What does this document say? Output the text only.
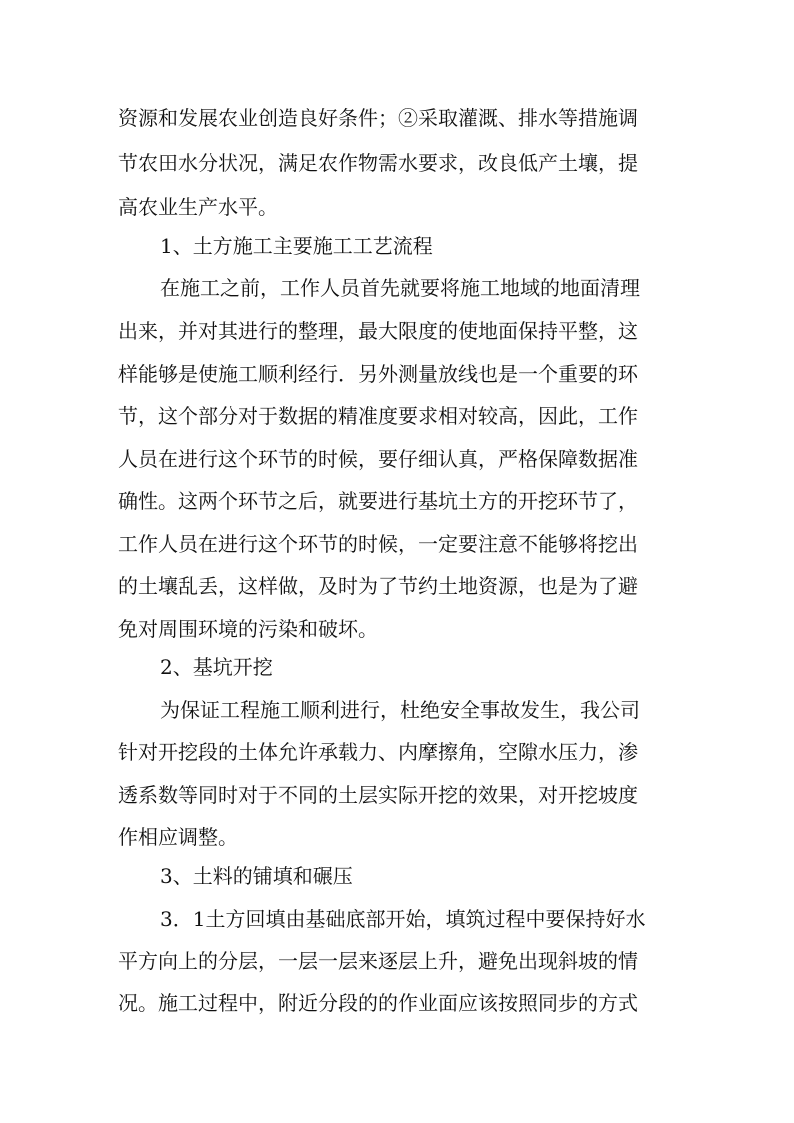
资源和发展农业创造良好条件；②采取灌溉、排水等措施调
节农田水分状况，满足农作物需水要求，改良低产土壤，提
高农业生产水平。
1、土方施工主要施工工艺流程
在施工之前，工作人员首先就要将施工地域的地面清理
出来，并对其进行的整理，最大限度的使地面保持平整，这
样能够是使施工顺利经行．另外测量放线也是一个重要的环
节，这个部分对于数据的精准度要求相对较高，因此，工作
人员在进行这个环节的时候，要仔细认真，严格保障数据准
确性。这两个环节之后，就要进行基坑土方的开挖环节了，
工作人员在进行这个环节的时候，一定要注意不能够将挖出
的土壤乱丢，这样做，及时为了节约土地资源，也是为了避
免对周围环境的污染和破坏。
2、基坑开挖
为保证工程施工顺利进行，杜绝安全事故发生，我公司
针对开挖段的土体允许承载力、内摩擦角，空隙水压力，渗
透系数等同时对于不同的土层实际开挖的效果，对开挖坡度
作相应调整。
3、土料的铺填和碾压
3．1土方回填由基础底部开始，填筑过程中要保持好水
平方向上的分层，一层一层来逐层上升，避免出现斜坡的情
况。施工过程中，附近分段的的作业面应该按照同步的方式
